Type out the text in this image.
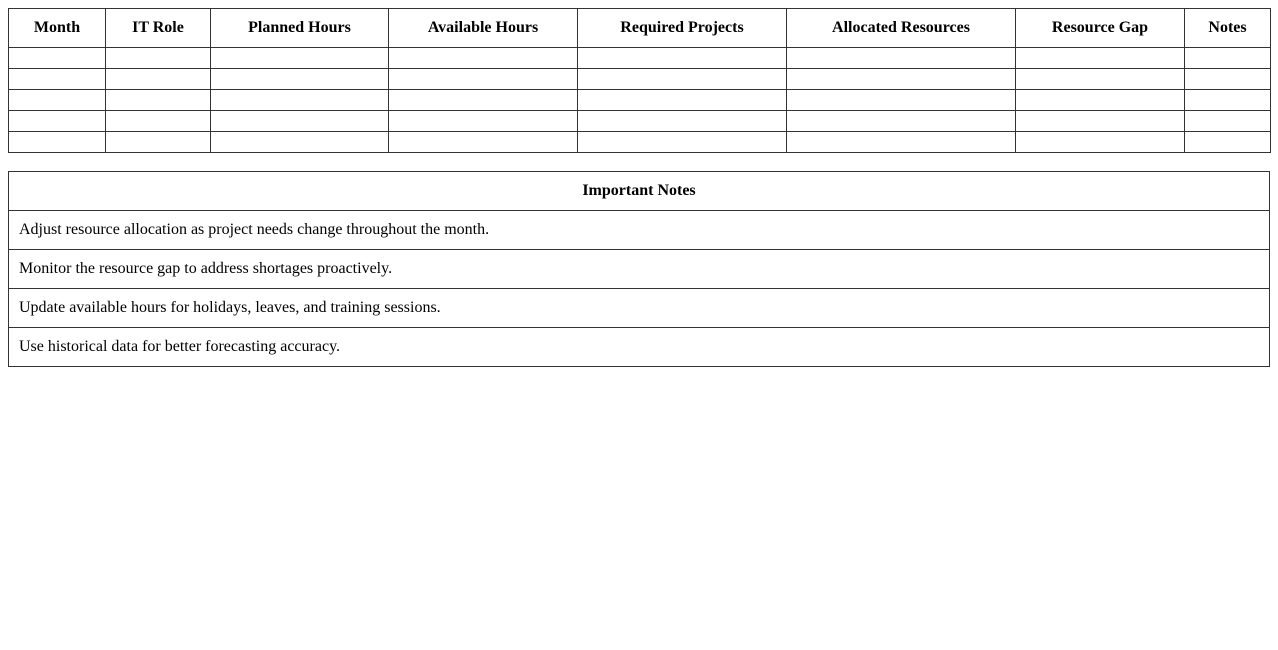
Month	IT Role	Planned Hours	Available Hours	Required Projects	Allocated Resources	Resource Gap	Notes

Important Notes
Adjust resource allocation as project needs change throughout the month.
Monitor the resource gap to address shortages proactively.
Update available hours for holidays, leaves, and training sessions.
Use historical data for better forecasting accuracy.
